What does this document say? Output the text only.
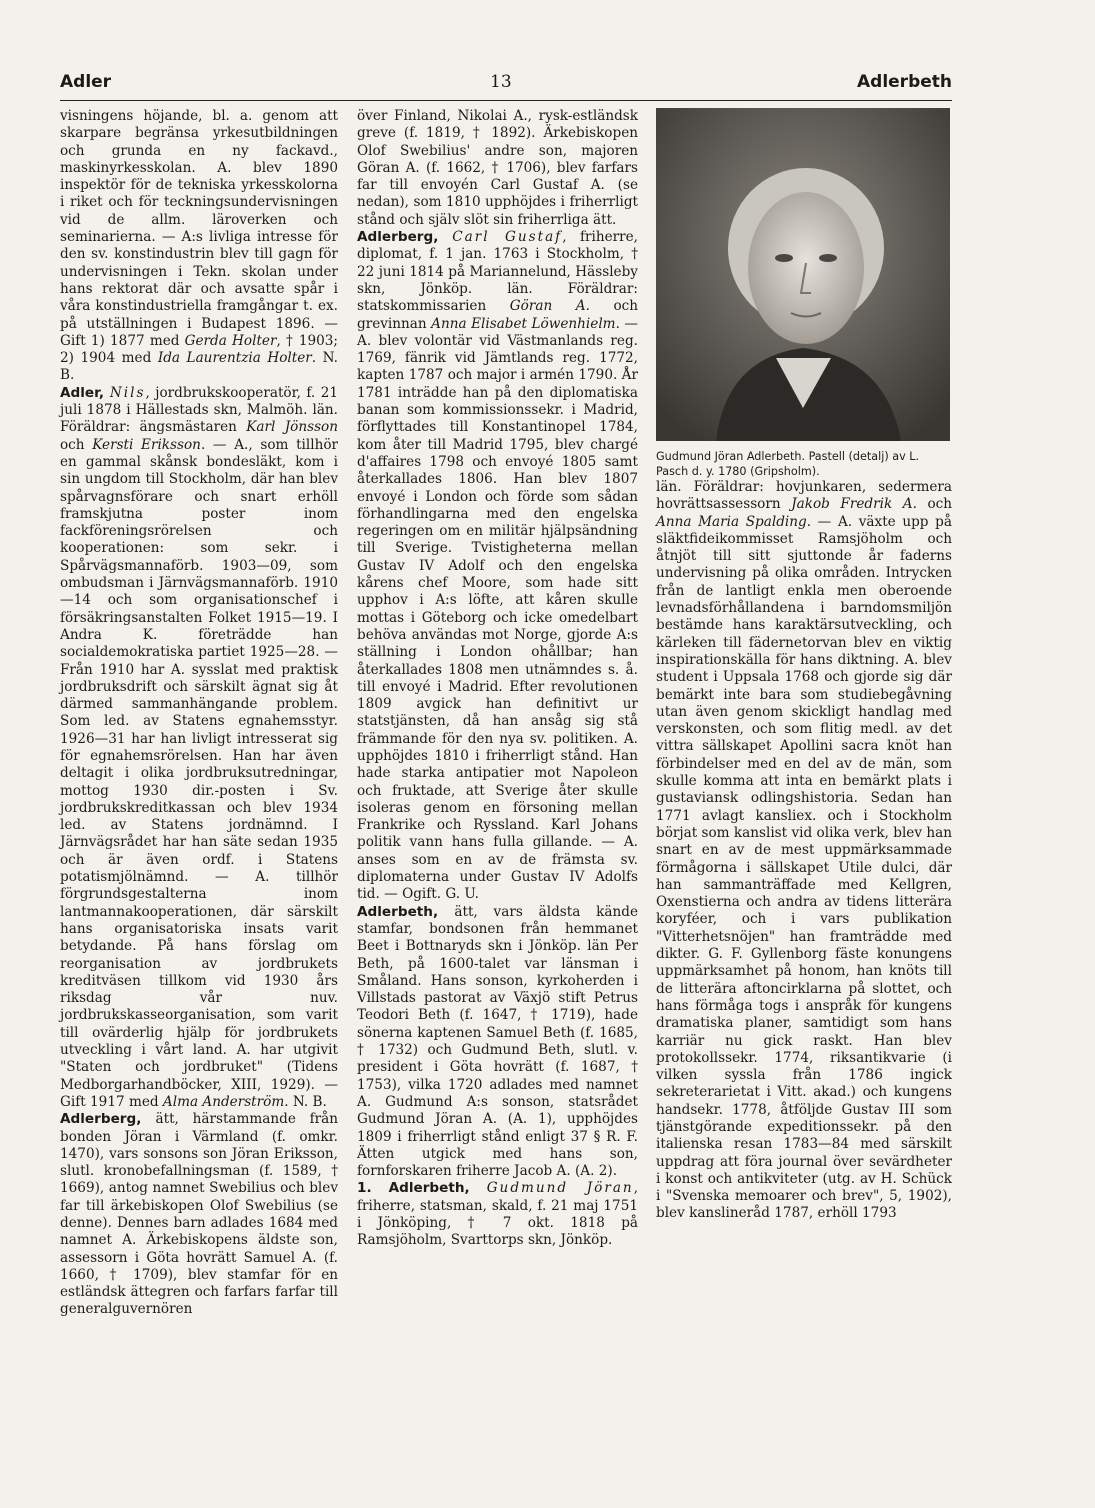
Adler	13	Adlerbeth

visningens höjande, bl. a. genom att skarpare begränsa yrkesutbildningen och grunda en ny fackavd., maskinyrkesskolan. A. blev 1890 inspektör för de tekniska yrkesskolorna i riket och för teckningsundervisningen vid de allm. läroverken och seminarierna. — A:s livliga intresse för den sv. konstindustrin blev till gagn för undervisningen i Tekn. skolan under hans rektorat där och avsatte spår i våra konstindustriella framgångar t. ex. på utställningen i Budapest 1896. — Gift 1) 1877 med Gerda Holter, † 1903; 2) 1904 med Ida Laurentzia Holter. N. B.

Adler, Nils, jordbrukskooperatör, f. 21 juli 1878 i Hällestads skn, Malmöh. län. Föräldrar: ängsmästaren Karl Jönsson och Kersti Eriksson. — A., som tillhör en gammal skånsk bondesläkt, kom i sin ungdom till Stockholm, där han blev spårvagnsförare och snart erhöll framskjutna poster inom fackföreningsrörelsen och kooperationen: som sekr. i Spårvägsmannaförb. 1903—09, som ombudsman i Järnvägsmannaförb. 1910—14 och som organisationschef i försäkringsanstalten Folket 1915—19. I Andra K. företrädde han socialdemokratiska partiet 1925—28. — Från 1910 har A. sysslat med praktisk jordbruksdrift och särskilt ägnat sig åt därmed sammanhängande problem. Som led. av Statens egnahemsstyr. 1926—31 har han livligt intresserat sig för egnahemsrörelsen. Han har även deltagit i olika jordbruksutredningar, mottog 1930 dir.-posten i Sv. jordbrukskreditkassan och blev 1934 led. av Statens jordnämnd. I Järnvägsrådet har han säte sedan 1935 och är även ordf. i Statens potatismjölnämnd. — A. tillhör förgrundsgestalterna inom lantmannakooperationen, där särskilt hans organisatoriska insats varit betydande. På hans förslag om reorganisation av jordbrukets kreditväsen tillkom vid 1930 års riksdag vår nuv. jordbrukskasseorganisation, som varit till ovärderlig hjälp för jordbrukets utveckling i vårt land. A. har utgivit "Staten och jordbruket" (Tidens Medborgarhandböcker, XIII, 1929). — Gift 1917 med Alma Anderström. N. B.

Adlerberg, ätt, härstammande från bonden Jöran i Värmland (f. omkr. 1470), vars sonsons son Jöran Eriksson, slutl. kronobefallningsman (f. 1589, † 1669), antog namnet Swebilius och blev far till ärkebiskopen Olof Swebilius (se denne). Dennes barn adlades 1684 med namnet A. Ärkebiskopens äldste son, assessorn i Göta hovrätt Samuel A. (f. 1660, † 1709), blev stamfar för en estländsk ättegren och farfars farfar till generalguvernören

över Finland, Nikolai A., rysk-estländsk greve (f. 1819, † 1892). Ärkebiskopen Olof Swebilius' andre son, majoren Göran A. (f. 1662, † 1706), blev farfars far till envoyén Carl Gustaf A. (se nedan), som 1810 upphöjdes i friherrligt stånd och själv slöt sin friherrliga ätt.

Adlerberg, Carl Gustaf, friherre, diplomat, f. 1 jan. 1763 i Stockholm, † 22 juni 1814 på Mariannelund, Hässleby skn, Jönköp. län. Föräldrar: statskommissarien Göran A. och grevinnan Anna Elisabet Löwenhielm. — A. blev volontär vid Västmanlands reg. 1769, fänrik vid Jämtlands reg. 1772, kapten 1787 och major i armén 1790. År 1781 inträdde han på den diplomatiska banan som kommissionssekr. i Madrid, förflyttades till Konstantinopel 1784, kom åter till Madrid 1795, blev chargé d'affaires 1798 och envoyé 1805 samt återkallades 1806. Han blev 1807 envoyé i London och förde som sådan förhandlingarna med den engelska regeringen om en militär hjälpsändning till Sverige. Tvistigheterna mellan Gustav IV Adolf och den engelska kårens chef Moore, som hade sitt upphov i A:s löfte, att kåren skulle mottas i Göteborg och icke omedelbart behöva användas mot Norge, gjorde A:s ställning i London ohållbar; han återkallades 1808 men utnämndes s. å. till envoyé i Madrid. Efter revolutionen 1809 avgick han definitivt ur statstjänsten, då han ansåg sig stå främmande för den nya sv. politiken. A. upphöjdes 1810 i friherrligt stånd. Han hade starka antipatier mot Napoleon och fruktade, att Sverige åter skulle isoleras genom en försoning mellan Frankrike och Ryssland. Karl Johans politik vann hans fulla gillande. — A. anses som en av de främsta sv. diplomaterna under Gustav IV Adolfs tid. — Ogift. G. U.

Adlerbeth, ätt, vars äldsta kände stamfar, bondsonen från hemmanet Beet i Bottnaryds skn i Jönköp. län Per Beth, på 1600-talet var länsman i Småland. Hans sonson, kyrkoherden i Villstads pastorat av Växjö stift Petrus Teodori Beth (f. 1647, † 1719), hade sönerna kaptenen Samuel Beth (f. 1685, † 1732) och Gudmund Beth, slutl. v. president i Göta hovrätt (f. 1687, † 1753), vilka 1720 adlades med namnet A. Gudmund A:s sonson, statsrådet Gudmund Jöran A. (A. 1), upphöjdes 1809 i friherrligt stånd enligt 37 § R. F. Ätten utgick med hans son, fornforskaren friherre Jacob A. (A. 2).

1. Adlerbeth, Gudmund Jöran, friherre, statsman, skald, f. 21 maj 1751 i Jönköping, † 7 okt. 1818 på Ramsjöholm, Svarttorps skn, Jönköp.

Gudmund Jöran Adlerbeth. Pastell (detalj) av L. Pasch d. y. 1780 (Gripsholm).

län. Föräldrar: hovjunkaren, sedermera hovrättsassessorn Jakob Fredrik A. och Anna Maria Spalding. — A. växte upp på släktfideikommisset Ramsjöholm och åtnjöt till sitt sjuttonde år faderns undervisning på olika områden. Intrycken från de lantligt enkla men oberoende levnadsförhållandena i barndomsmiljön bestämde hans karaktärsutveckling, och kärleken till fädernetorvan blev en viktig inspirationskälla för hans diktning. A. blev student i Uppsala 1768 och gjorde sig där bemärkt inte bara som studiebegåvning utan även genom skickligt handlag med verskonsten, och som flitig medl. av det vittra sällskapet Apollini sacra knöt han förbindelser med en del av de män, som skulle komma att inta en bemärkt plats i gustaviansk odlingshistoria. Sedan han 1771 avlagt kansliex. och i Stockholm börjat som kanslist vid olika verk, blev han snart en av de mest uppmärksammade förmågorna i sällskapet Utile dulci, där han sammanträffade med Kellgren, Oxenstierna och andra av tidens litterära koryféer, och i vars publikation "Vitterhetsnöjen" han framträdde med dikter. G. F. Gyllenborg fäste konungens uppmärksamhet på honom, han knöts till de litterära aftoncirklarna på slottet, och hans förmåga togs i anspråk för kungens dramatiska planer, samtidigt som hans karriär nu gick raskt. Han blev protokollssekr. 1774, riksantikvarie (i vilken syssla från 1786 ingick sekreterarietat i Vitt. akad.) och kungens handsekr. 1778, åtföljde Gustav III som tjänstgörande expeditionssekr. på den italienska resan 1783—84 med särskilt uppdrag att föra journal över sevärdheter i konst och antikviteter (utg. av H. Schück i "Svenska memoarer och brev", 5, 1902), blev kanslineråd 1787, erhöll 1793
